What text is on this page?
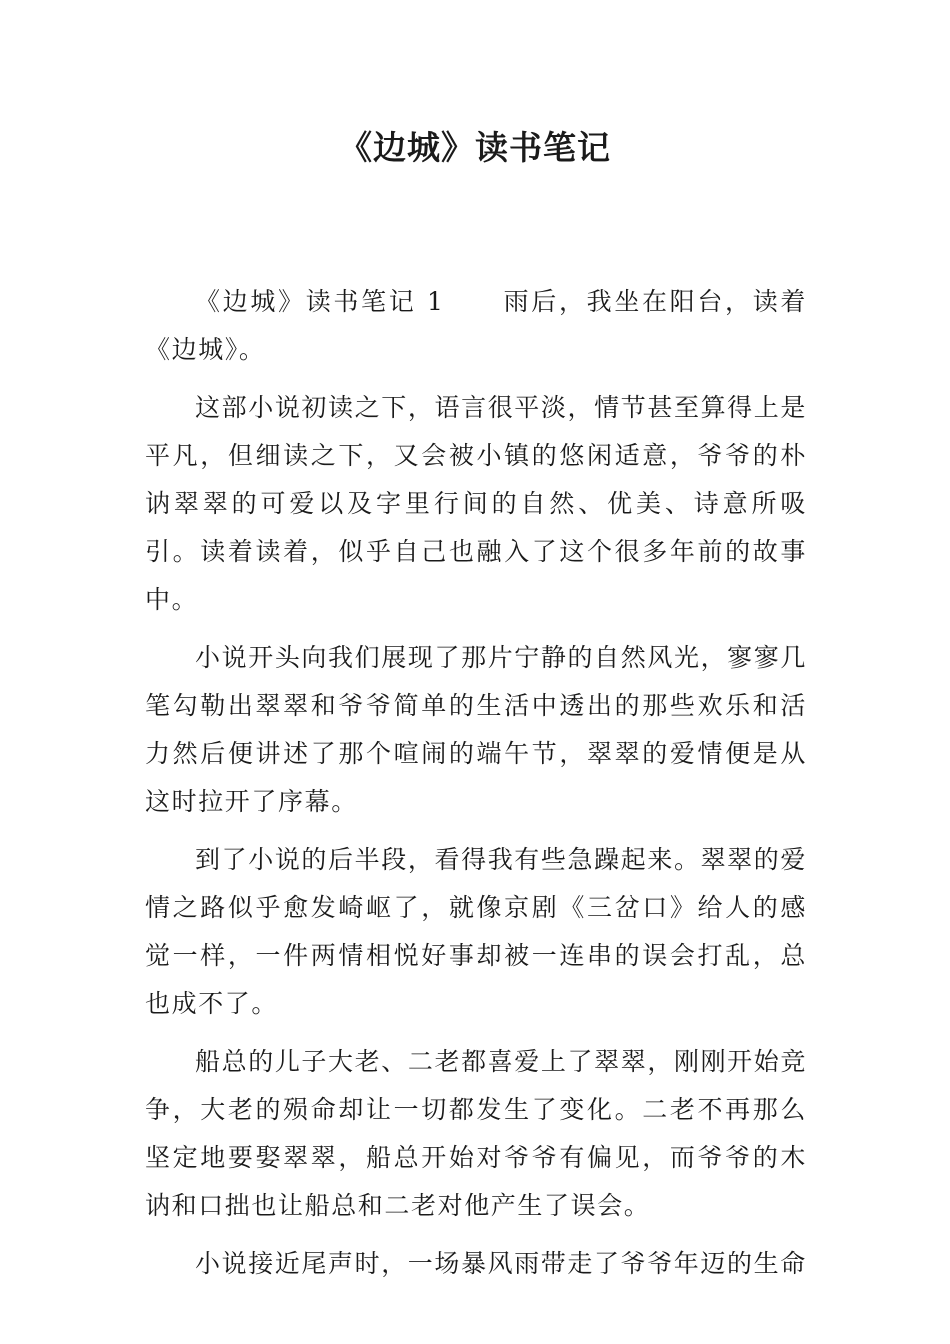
《边城》读书笔记

《边城》读书笔记 1 雨后，我坐在阳台，读着《边城》。

这部小说初读之下，语言很平淡，情节甚至算得上是平凡，但细读之下，又会被小镇的悠闲适意，爷爷的朴讷翠翠的可爱以及字里行间的自然、优美、诗意所吸引。读着读着，似乎自己也融入了这个很多年前的故事中。

小说开头向我们展现了那片宁静的自然风光，寥寥几笔勾勒出翠翠和爷爷简单的生活中透出的那些欢乐和活力然后便讲述了那个喧闹的端午节，翠翠的爱情便是从这时拉开了序幕。

到了小说的后半段，看得我有些急躁起来。翠翠的爱情之路似乎愈发崎岖了，就像京剧《三岔口》给人的感觉一样，一件两情相悦好事却被一连串的误会打乱，总也成不了。

船总的儿子大老、二老都喜爱上了翠翠，刚刚开始竞争，大老的殒命却让一切都发生了变化。二老不再那么坚定地要娶翠翠，船总开始对爷爷有偏见，而爷爷的木讷和口拙也让船总和二老对他产生了误会。

小说接近尾声时，一场暴风雨带走了爷爷年迈的生命
